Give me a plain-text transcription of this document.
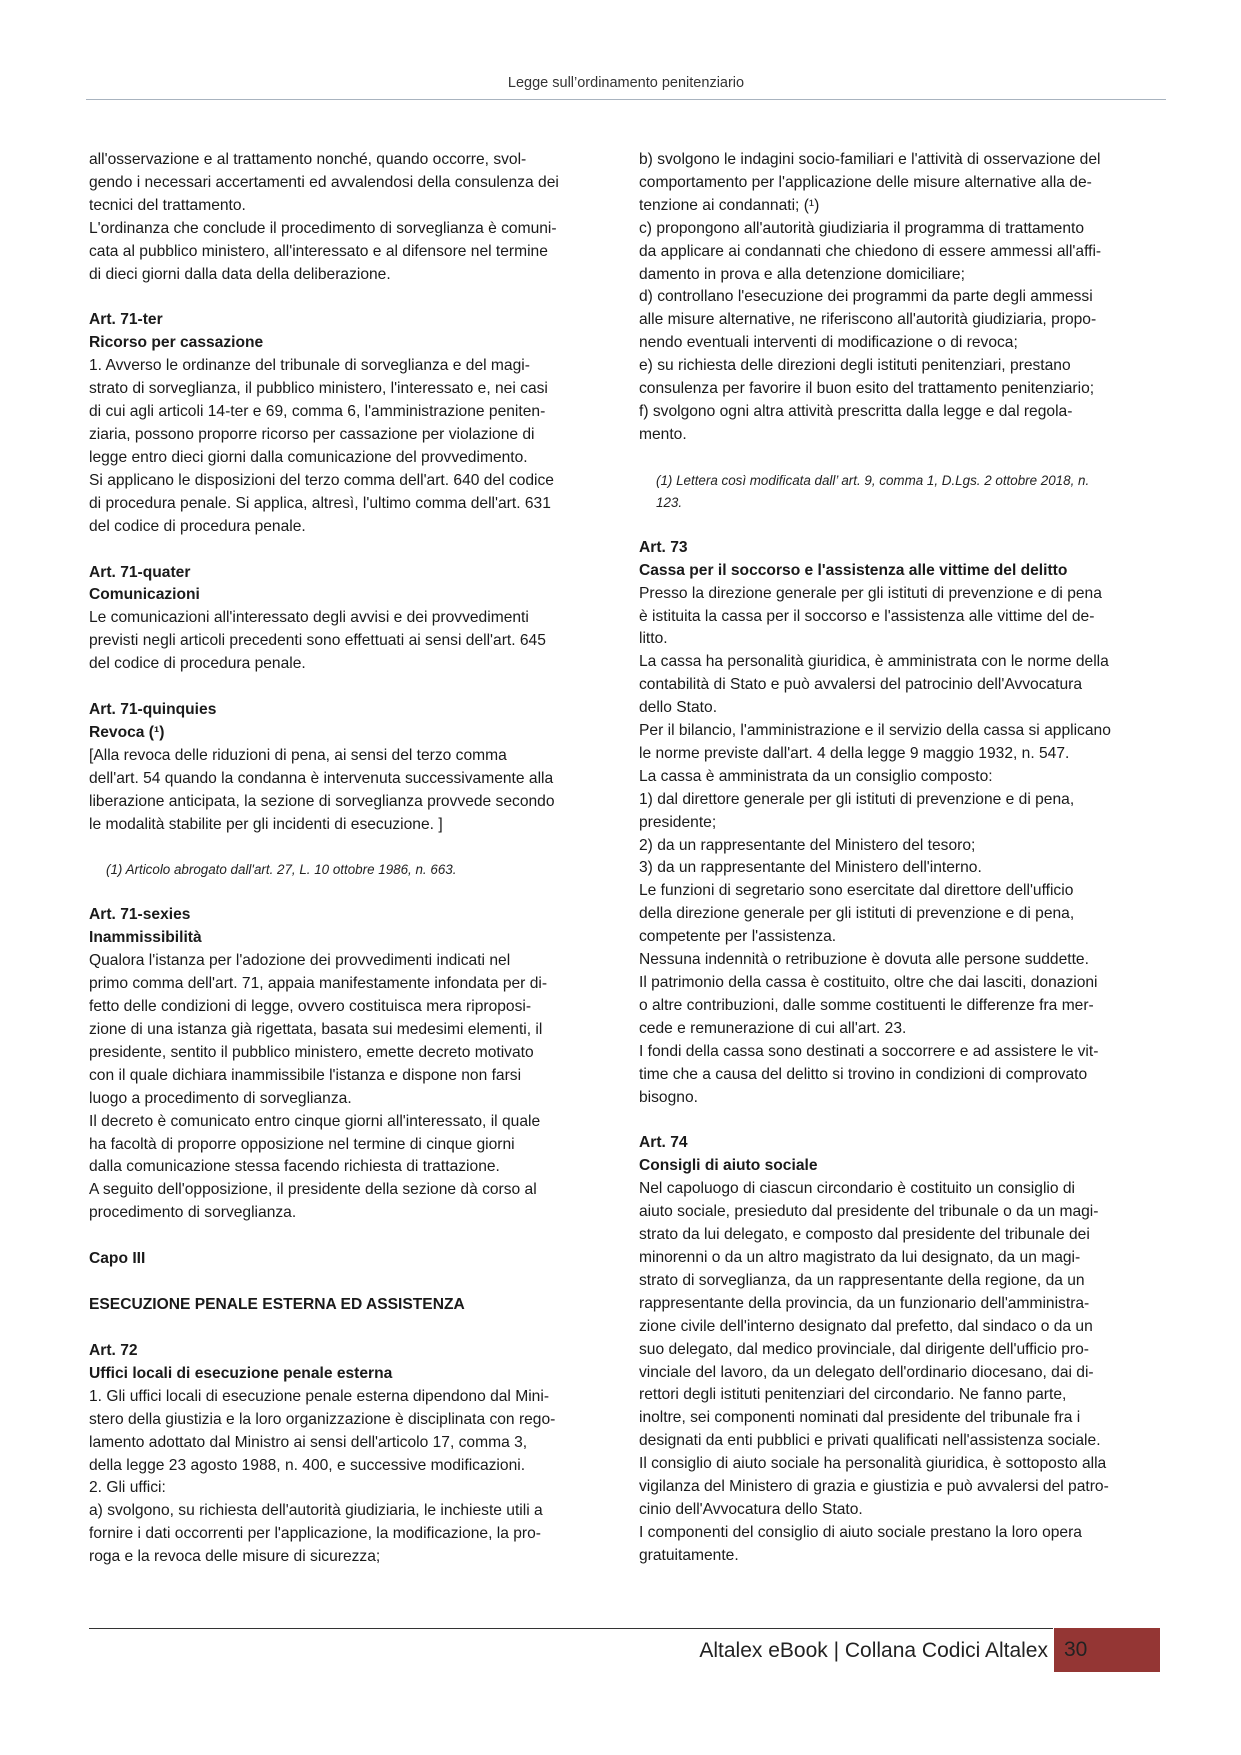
Legge sull’ordinamento penitenziario

all'osservazione e al trattamento nonché, quando occorre, svol-

gendo i necessari accertamenti ed avvalendosi della consulenza dei

tecnici del trattamento.

L'ordinanza che conclude il procedimento di sorveglianza è comuni-

cata al pubblico ministero, all'interessato e al difensore nel termine

di dieci giorni dalla data della deliberazione.

Art. 71-ter

Ricorso per cassazione

1. Avverso le ordinanze del tribunale di sorveglianza e del magi-

strato di sorveglianza, il pubblico ministero, l'interessato e, nei casi

di cui agli articoli 14-ter e 69, comma 6, l'amministrazione peniten-

ziaria, possono proporre ricorso per cassazione per violazione di

legge entro dieci giorni dalla comunicazione del provvedimento.

Si applicano le disposizioni del terzo comma dell'art. 640 del codice

di procedura penale. Si applica, altresì, l'ultimo comma dell'art. 631

del codice di procedura penale.

Art. 71-quater

Comunicazioni

Le comunicazioni all'interessato degli avvisi e dei provvedimenti

previsti negli articoli precedenti sono effettuati ai sensi dell'art. 645

del codice di procedura penale.

Art. 71-quinquies

Revoca (¹)

[Alla revoca delle riduzioni di pena, ai sensi del terzo comma

dell'art. 54 quando la condanna è intervenuta successivamente alla

liberazione anticipata, la sezione di sorveglianza provvede secondo

le modalità stabilite per gli incidenti di esecuzione. ]

(1) Articolo abrogato dall'art. 27, L. 10 ottobre 1986, n. 663.

Art. 71-sexies

Inammissibilità

Qualora l'istanza per l'adozione dei provvedimenti indicati nel

primo comma dell'art. 71, appaia manifestamente infondata per di-

fetto delle condizioni di legge, ovvero costituisca mera riproposi-

zione di una istanza già rigettata, basata sui medesimi elementi, il

presidente, sentito il pubblico ministero, emette decreto motivato

con il quale dichiara inammissibile l'istanza e dispone non farsi

luogo a procedimento di sorveglianza.

Il decreto è comunicato entro cinque giorni all'interessato, il quale

ha facoltà di proporre opposizione nel termine di cinque giorni

dalla comunicazione stessa facendo richiesta di trattazione.

A seguito dell'opposizione, il presidente della sezione dà corso al

procedimento di sorveglianza.

Capo III

ESECUZIONE PENALE ESTERNA ED ASSISTENZA

Art. 72

Uffici locali di esecuzione penale esterna

1. Gli uffici locali di esecuzione penale esterna dipendono dal Mini-

stero della giustizia e la loro organizzazione è disciplinata con rego-

lamento adottato dal Ministro ai sensi dell'articolo 17, comma 3,

della legge 23 agosto 1988, n. 400, e successive modificazioni.

2. Gli uffici:

a) svolgono, su richiesta dell'autorità giudiziaria, le inchieste utili a

fornire i dati occorrenti per l'applicazione, la modificazione, la pro-

roga e la revoca delle misure di sicurezza;

b) svolgono le indagini socio-familiari e l'attività di osservazione del

comportamento per l'applicazione delle misure alternative alla de-

tenzione ai condannati; (¹)

c) propongono all'autorità giudiziaria il programma di trattamento

da applicare ai condannati che chiedono di essere ammessi all'affi-

damento in prova e alla detenzione domiciliare;

d) controllano l'esecuzione dei programmi da parte degli ammessi

alle misure alternative, ne riferiscono all'autorità giudiziaria, propo-

nendo eventuali interventi di modificazione o di revoca;

e) su richiesta delle direzioni degli istituti penitenziari, prestano

consulenza per favorire il buon esito del trattamento penitenziario;

f) svolgono ogni altra attività prescritta dalla legge e dal regola-

mento.

(1) Lettera così modificata dall’ art. 9, comma 1, D.Lgs. 2 ottobre 2018, n.

123.

Art. 73

Cassa per il soccorso e l'assistenza alle vittime del delitto

Presso la direzione generale per gli istituti di prevenzione e di pena

è istituita la cassa per il soccorso e l'assistenza alle vittime del de-

litto.

La cassa ha personalità giuridica, è amministrata con le norme della

contabilità di Stato e può avvalersi del patrocinio dell'Avvocatura

dello Stato.

Per il bilancio, l'amministrazione e il servizio della cassa si applicano

le norme previste dall'art. 4 della legge 9 maggio 1932, n. 547.

La cassa è amministrata da un consiglio composto:

1) dal direttore generale per gli istituti di prevenzione e di pena,

presidente;

2) da un rappresentante del Ministero del tesoro;

3) da un rappresentante del Ministero dell'interno.

Le funzioni di segretario sono esercitate dal direttore dell'ufficio

della direzione generale per gli istituti di prevenzione e di pena,

competente per l'assistenza.

Nessuna indennità o retribuzione è dovuta alle persone suddette.

Il patrimonio della cassa è costituito, oltre che dai lasciti, donazioni

o altre contribuzioni, dalle somme costituenti le differenze fra mer-

cede e remunerazione di cui all'art. 23.

I fondi della cassa sono destinati a soccorrere e ad assistere le vit-

time che a causa del delitto si trovino in condizioni di comprovato

bisogno.

Art. 74

Consigli di aiuto sociale

Nel capoluogo di ciascun circondario è costituito un consiglio di

aiuto sociale, presieduto dal presidente del tribunale o da un magi-

strato da lui delegato, e composto dal presidente del tribunale dei

minorenni o da un altro magistrato da lui designato, da un magi-

strato di sorveglianza, da un rappresentante della regione, da un

rappresentante della provincia, da un funzionario dell'amministra-

zione civile dell'interno designato dal prefetto, dal sindaco o da un

suo delegato, dal medico provinciale, dal dirigente dell'ufficio pro-

vinciale del lavoro, da un delegato dell'ordinario diocesano, dai di-

rettori degli istituti penitenziari del circondario. Ne fanno parte,

inoltre, sei componenti nominati dal presidente del tribunale fra i

designati da enti pubblici e privati qualificati nell'assistenza sociale.

Il consiglio di aiuto sociale ha personalità giuridica, è sottoposto alla

vigilanza del Ministero di grazia e giustizia e può avvalersi del patro-

cinio dell'Avvocatura dello Stato.

I componenti del consiglio di aiuto sociale prestano la loro opera

gratuitamente.

Altalex eBook | Collana Codici Altalex 30
